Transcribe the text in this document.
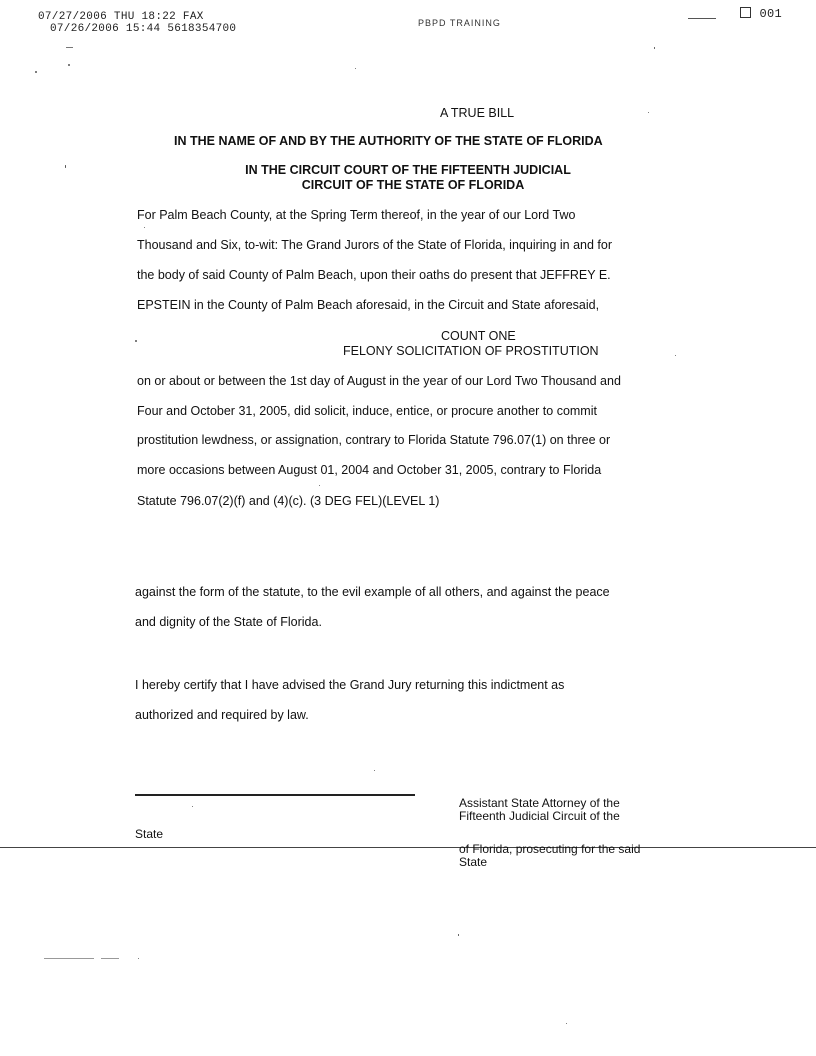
07/27/2006 THU 18:22 FAX
07/26/2006 15:44 5618354700	PBPD TRAINING
001
A TRUE BILL
IN THE NAME OF AND BY THE AUTHORITY OF THE STATE OF FLORIDA
IN THE CIRCUIT COURT OF THE FIFTEENTH JUDICIAL
CIRCUIT OF THE STATE OF FLORIDA
For Palm Beach County, at the Spring Term thereof, in the year of our Lord Two
Thousand and Six, to-wit: The Grand Jurors of the State of Florida, inquiring in and for
the body of said County of Palm Beach, upon their oaths do present that JEFFREY E.
EPSTEIN in the County of Palm Beach aforesaid, in the Circuit and State aforesaid,
COUNT ONE
FELONY SOLICITATION OF PROSTITUTION
on or about or between the 1st day of August in the year of our Lord Two Thousand and
Four and October 31, 2005, did solicit, induce, entice, or procure another to commit
prostitution lewdness, or assignation, contrary to Florida Statute 796.07(1) on three or
more occasions between August 01, 2004 and October 31, 2005, contrary to Florida
Statute 796.07(2)(f) and (4)(c). (3 DEG FEL)(LEVEL 1)
against the form of the statute, to the evil example of all others, and against the peace
and dignity of the State of Florida.
I hereby certify that I have advised the Grand Jury returning this indictment as
authorized and required by law.
State
Assistant State Attorney of the
Fifteenth Judicial Circuit of the
of Florida, prosecuting for the said
State
